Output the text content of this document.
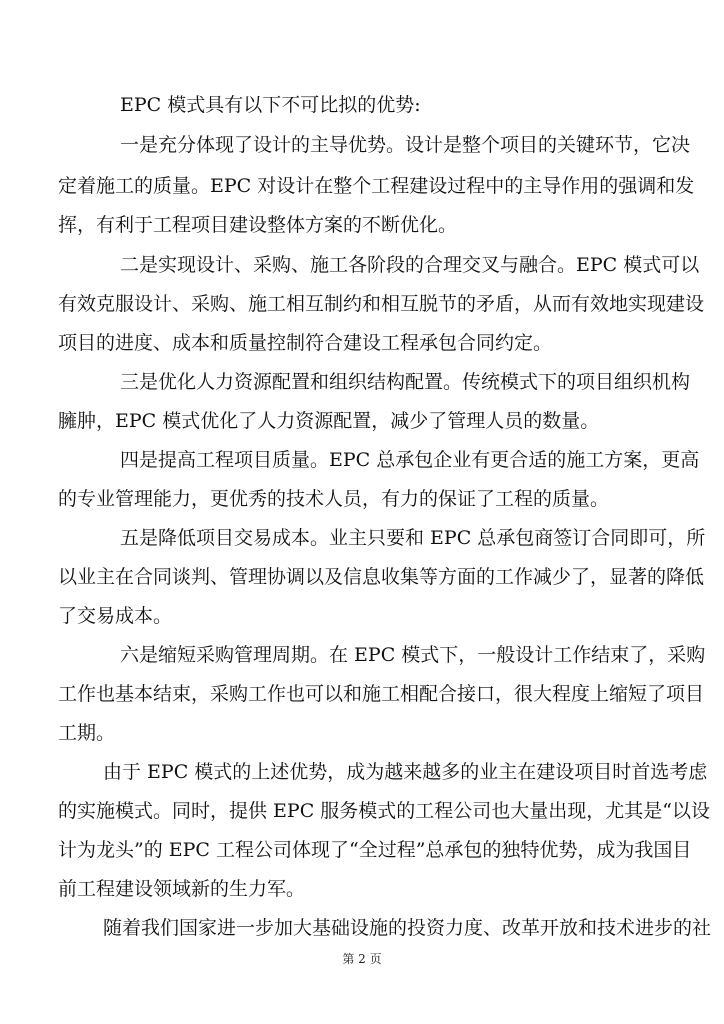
EPC 模式具有以下不可比拟的优势:
一是充分体现了设计的主导优势。设计是整个项目的关键环节，它决
定着施工的质量。EPC 对设计在整个工程建设过程中的主导作用的强调和发
挥，有利于工程项目建设整体方案的不断优化。
二是实现设计、采购、施工各阶段的合理交叉与融合。EPC 模式可以
有效克服设计、采购、施工相互制约和相互脱节的矛盾，从而有效地实现建设
项目的进度、成本和质量控制符合建设工程承包合同约定。
三是优化人力资源配置和组织结构配置。传统模式下的项目组织机构
臃肿，EPC 模式优化了人力资源配置，减少了管理人员的数量。
四是提高工程项目质量。EPC 总承包企业有更合适的施工方案，更高
的专业管理能力，更优秀的技术人员，有力的保证了工程的质量。
五是降低项目交易成本。业主只要和 EPC 总承包商签订合同即可，所
以业主在合同谈判、管理协调以及信息收集等方面的工作减少了，显著的降低
了交易成本。
六是缩短采购管理周期。在 EPC 模式下，一般设计工作结束了，采购
工作也基本结束，采购工作也可以和施工相配合接口，很大程度上缩短了项目
工期。
由于 EPC 模式的上述优势，成为越来越多的业主在建设项目时首选考虑
的实施模式。同时，提供 EPC 服务模式的工程公司也大量出现，尤其是“以设
计为龙头”的 EPC 工程公司体现了“全过程”总承包的独特优势，成为我国目
前工程建设领域新的生力军。
随着我们国家进一步加大基础设施的投资力度、改革开放和技术进步的社
第 2 页
